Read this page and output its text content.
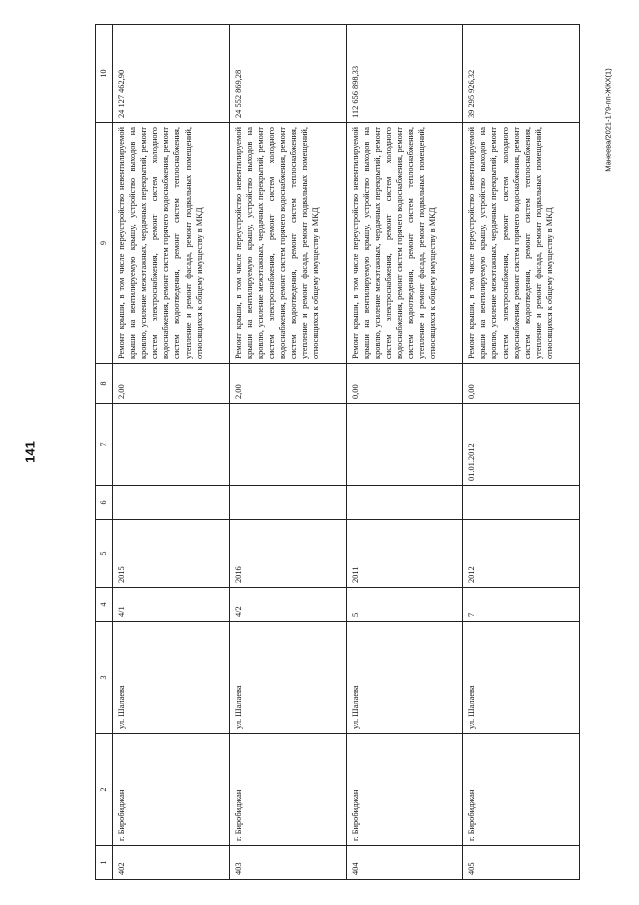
141
Манеева/2021-179-пп-ЖКХ(1)
1	2	3	4	5	6	7	8	9	10
402	г. Биробиджан	ул. Шалаева	4/1	2015			2,00	Ремонт крыши, в том числе переустройство невентилируемой крыши на вентилируемую крышу, устройство выходов на кровлю, усиление межэтажных, чердачных перекрытий, ремонт систем электроснабжения, ремонт систем холодного водоснабжения, ремонт систем горячего водоснабжения, ремонт систем водоотведения, ремонт систем теплоснабжения, утепление и ремонт фасада, ремонт подвальных помещений, относящихся к общему имуществу в МКД	24 127 462,90
403	г. Биробиджан	ул. Шалаева	4/2	2016			2,00	Ремонт крыши, в том числе переустройство невентилируемой крыши на вентилируемую крышу, устройство выходов на кровлю, усиление межэтажных, чердачных перекрытий, ремонт систем электроснабжения, ремонт систем холодного водоснабжения, ремонт систем горячего водоснабжения, ремонт систем водоотведения, ремонт систем теплоснабжения, утепление и ремонт фасада, ремонт подвальных помещений, относящихся к общему имуществу в МКД	24 552 869,28
404	г. Биробиджан	ул. Шалаева	5	2011			0,00	Ремонт крыши, в том числе переустройство невентилируемой крыши на вентилируемую крышу, устройство выходов на кровлю, усиление межэтажных, чердачных перекрытий, ремонт систем электроснабжения, ремонт систем холодного водоснабжения, ремонт систем горячего водоснабжения, ремонт систем водоотведения, ремонт систем теплоснабжения, утепление и ремонт фасада, ремонт подвальных помещений, относящихся к общему имуществу в МКД	112 656 898,33
405	г. Биробиджан	ул. Шалаева	7	2012		01.01.2012	0,00	Ремонт крыши, в том числе переустройство невентилируемой крыши на вентилируемую крышу, устройство выходов на кровлю, усиление межэтажных, чердачных перекрытий, ремонт систем электроснабжения, ремонт систем холодного водоснабжения, ремонт систем горячего водоснабжения, ремонт систем водоотведения, ремонт систем теплоснабжения, утепление и ремонт фасада, ремонт подвальных помещений, относящихся к общему имуществу в МКД	39 295 926,32
